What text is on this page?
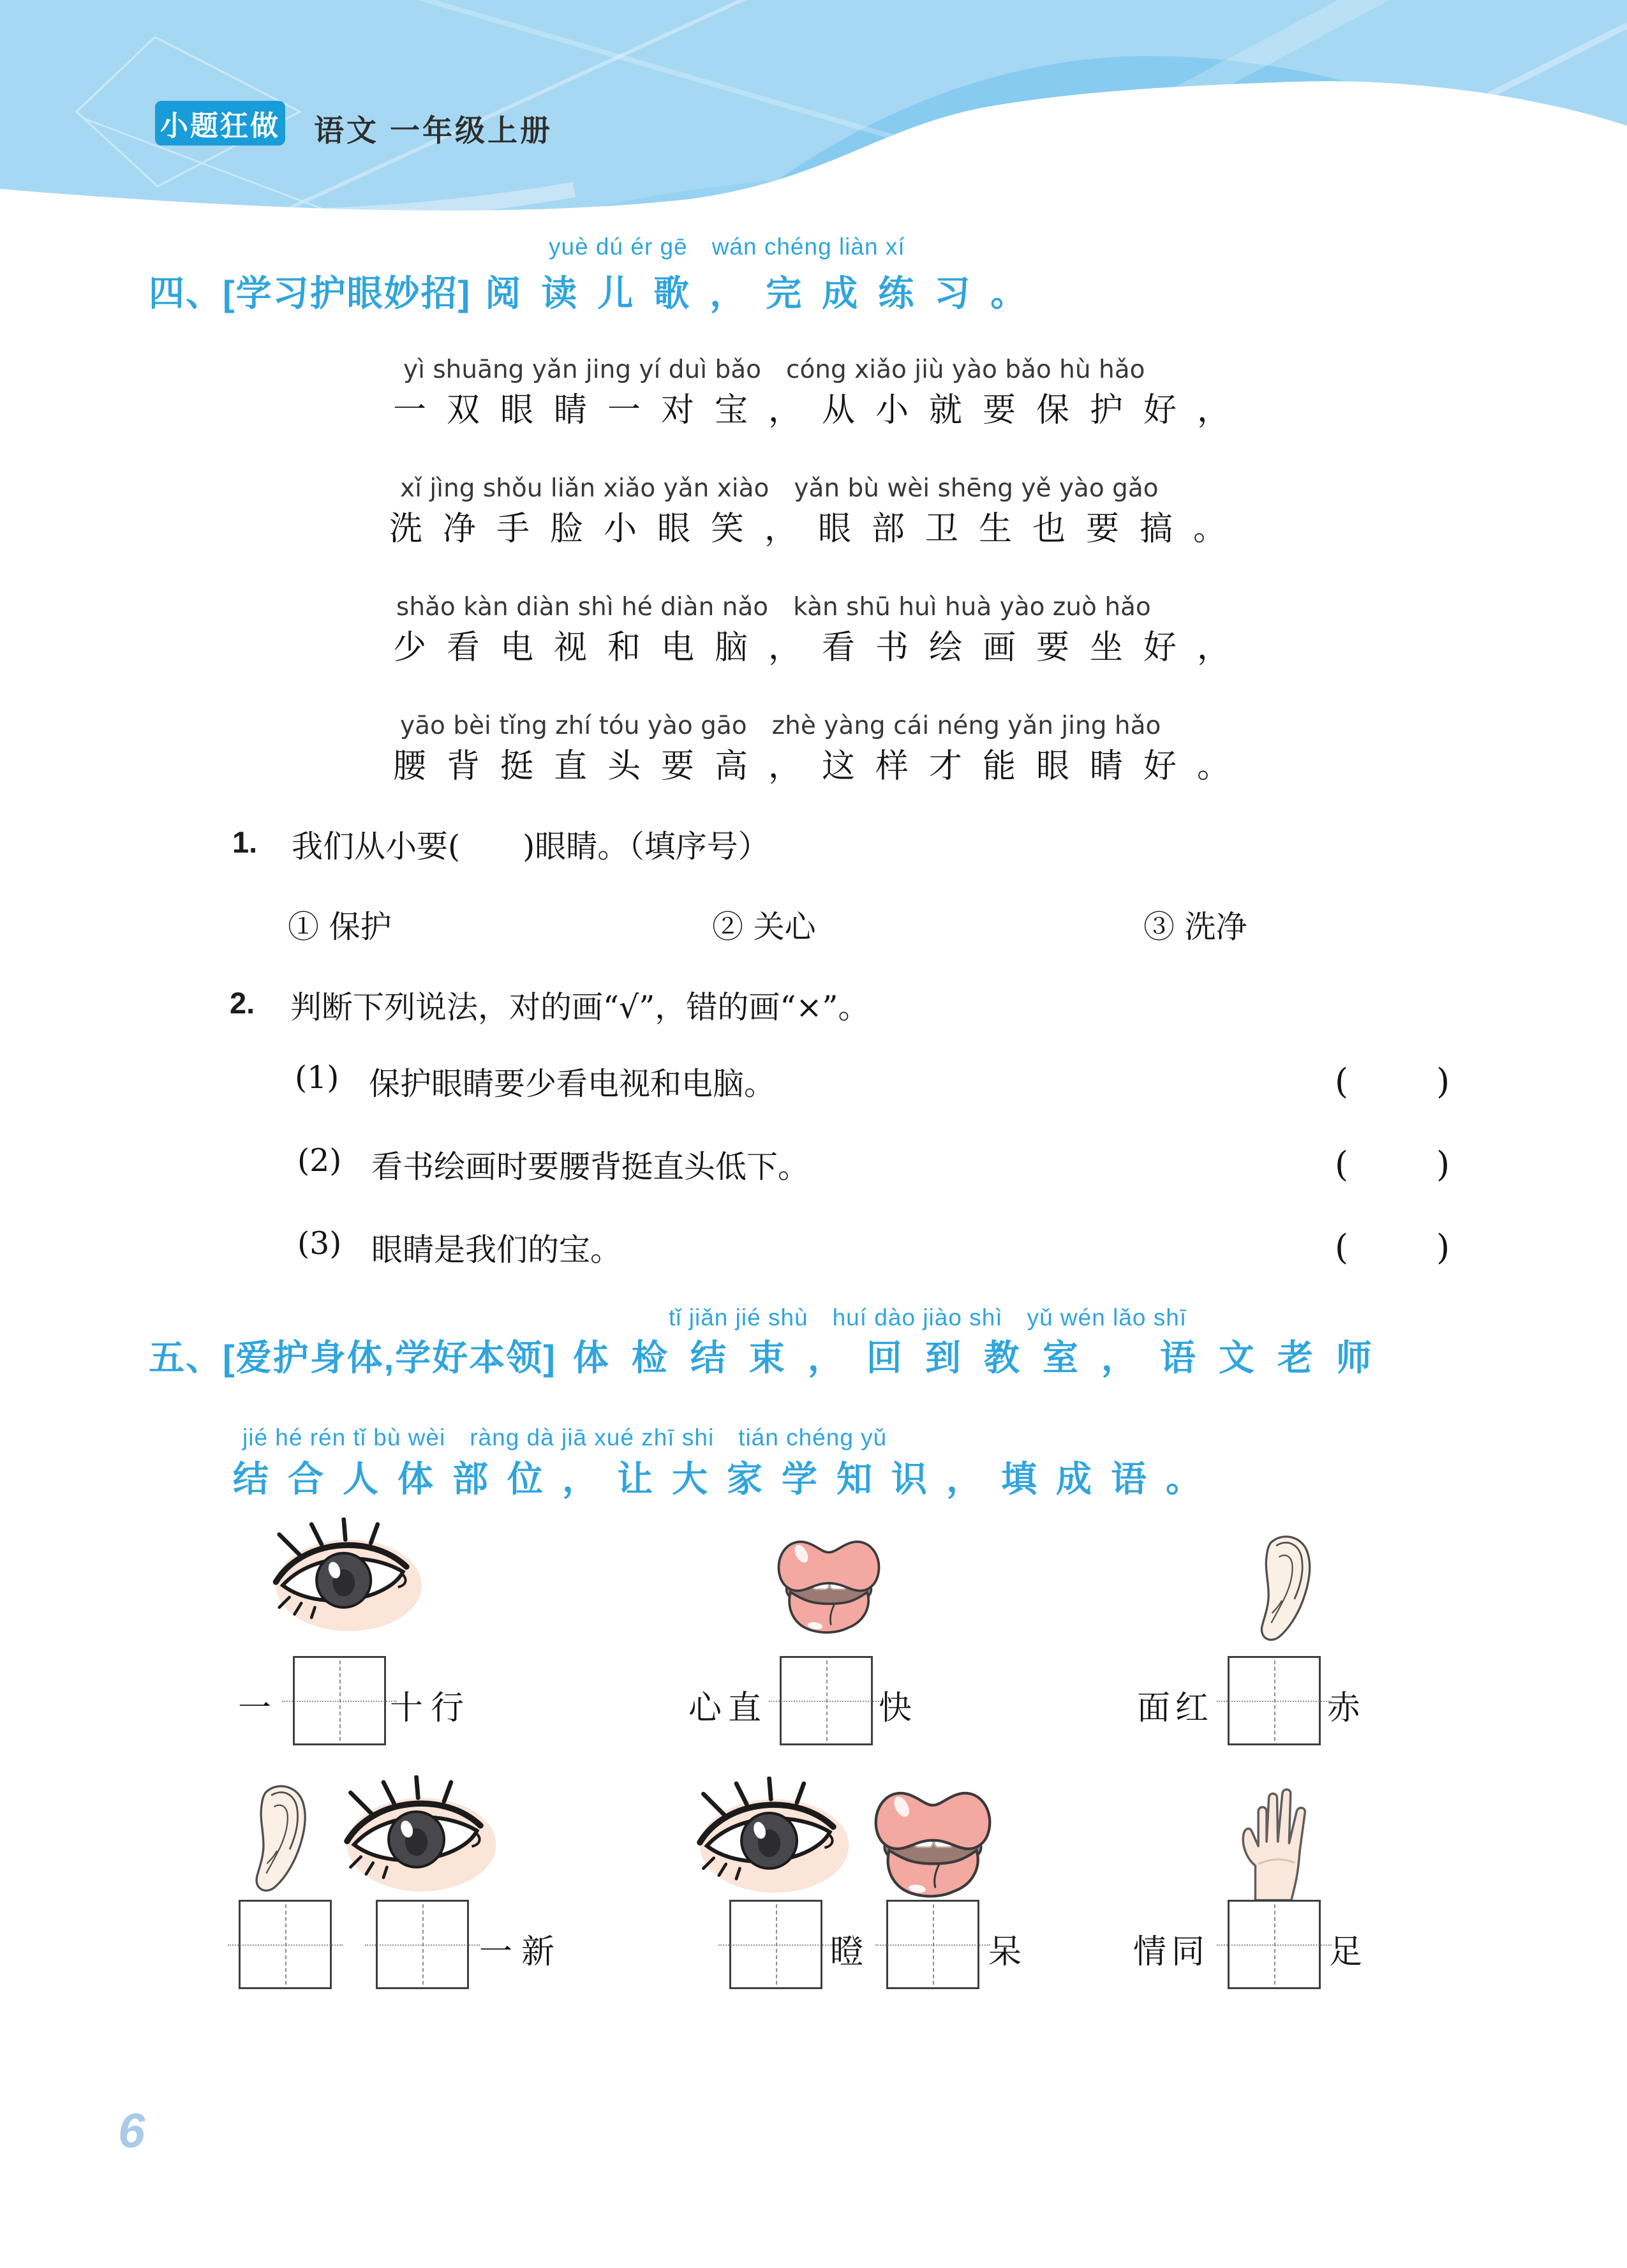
小题狂做 语文 一年级上册
yuè dú ér gē　wán chéng liàn xí
四、[学习护眼妙招] 阅读儿歌，完成练习。
yì shuāng yǎn jing yí duì bǎo　cóng xiǎo jiù yào bǎo hù hǎo
一双眼睛一对宝，从小就要保护好，
xǐ jìng shǒu liǎn xiǎo yǎn xiào　yǎn bù wèi shēng yě yào gǎo
洗净手脸小眼笑，眼部卫生也要搞。
shǎo kàn diàn shì hé diàn nǎo　kàn shū huì huà yào zuò hǎo
少看电视和电脑，看书绘画要坐好，
yāo bèi tǐng zhí tóu yào gāo　zhè yàng cái néng yǎn jing hǎo
腰背挺直头要高，这样才能眼睛好。
1. 我们从小要(　　)眼睛。（填序号）
① 保护	② 关心	③ 洗净
2. 判断下列说法，对的画“√”，错的画“×”。
(1) 保护眼睛要少看电视和电脑。	(　　)
(2) 看书绘画时要腰背挺直头低下。	(　　)
(3) 眼睛是我们的宝。	(　　)
tǐ jiǎn jié shù　huí dào jiào shì　yǔ wén lǎo shī
五、[爱护身体,学好本领] 体检结束，回到教室，语文老师
jié hé rén tǐ bù wèi　ràng dà jiā xué zhī shi　tián chéng yǔ
结合人体部位，让大家学知识，填成语。
一	十行	心直	快	面红	赤
一新	瞪	呆	情同	足
6
